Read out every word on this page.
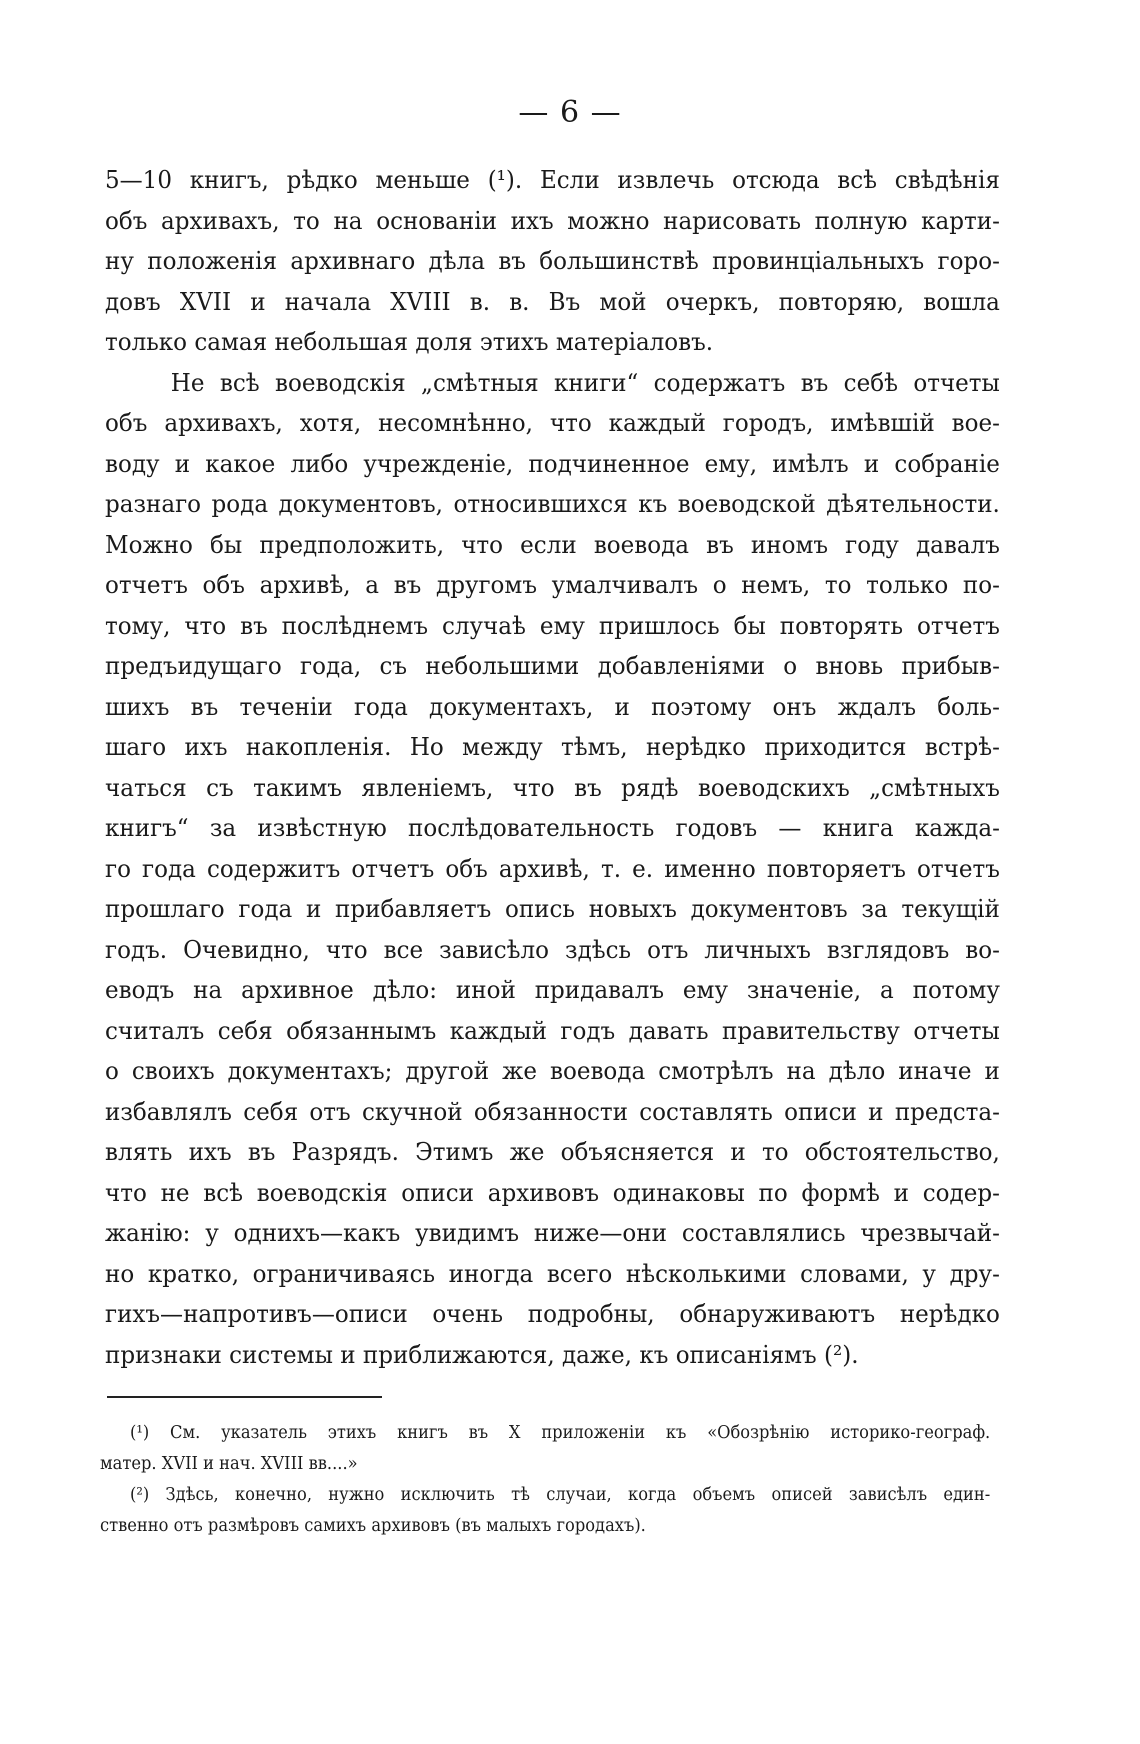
— 6 —
5—10 книгъ, рѣдко меньше (¹). Если извлечь отсюда всѣ свѣдѣнія
объ архивахъ, то на основаніи ихъ можно нарисовать полную карти-
ну положенія архивнаго дѣла въ большинствѣ провинціальныхъ горо-
довъ XVII и начала XVIII в. в. Въ мой очеркъ, повторяю, вошла
только самая небольшая доля этихъ матеріаловъ.
Не всѣ воеводскія „смѣтныя книги“ содержатъ въ себѣ отчеты
объ архивахъ, хотя, несомнѣнно, что каждый городъ, имѣвшій вое-
воду и какое либо учрежденіе, подчиненное ему, имѣлъ и собраніе
разнаго рода документовъ, относившихся къ воеводской дѣятельности.
Можно бы предположить, что если воевода въ иномъ году давалъ
отчетъ объ архивѣ, а въ другомъ умалчивалъ о немъ, то только по-
тому, что въ послѣднемъ случаѣ ему пришлось бы повторять отчетъ
предъидущаго года, съ небольшими добавленіями о вновь прибыв-
шихъ въ теченіи года документахъ, и поэтому онъ ждалъ боль-
шаго ихъ накопленія. Но между тѣмъ, нерѣдко приходится встрѣ-
чаться съ такимъ явленіемъ, что въ рядѣ воеводскихъ „смѣтныхъ
книгъ“ за извѣстную послѣдовательность годовъ — книга кажда-
го года содержитъ отчетъ объ архивѣ, т. е. именно повторяетъ отчетъ
прошлаго года и прибавляетъ опись новыхъ документовъ за текущій
годъ. Очевидно, что все зависѣло здѣсь отъ личныхъ взглядовъ во-
еводъ на архивное дѣло: иной придавалъ ему значеніе, а потому
считалъ себя обязаннымъ каждый годъ давать правительству отчеты
о своихъ документахъ; другой же воевода смотрѣлъ на дѣло иначе и
избавлялъ себя отъ скучной обязанности составлять описи и предста-
влять ихъ въ Разрядъ. Этимъ же объясняется и то обстоятельство,
что не всѣ воеводскія описи архивовъ одинаковы по формѣ и содер-
жанію: у однихъ—какъ увидимъ ниже—они составлялись чрезвычай-
но кратко, ограничиваясь иногда всего нѣсколькими словами, у дру-
гихъ—напротивъ—описи очень подробны, обнаруживаютъ нерѣдко
признаки системы и приближаются, даже, къ описаніямъ (²).
(¹) См. указатель этихъ книгъ въ X приложеніи къ «Обозрѣнію историко-географ.
матер. XVII и нач. XVIII вв....»
(²) Здѣсь, конечно, нужно исключить тѣ случаи, когда объемъ описей зависѣлъ един-
ственно отъ размѣровъ самихъ архивовъ (въ малыхъ городахъ).
